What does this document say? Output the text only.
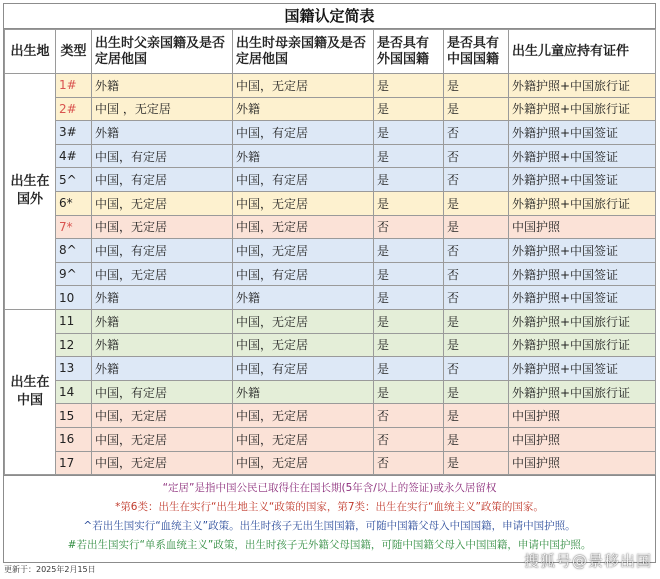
国籍认定简表
出生地	类型	出生时父亲国籍及是否定居他国	出生时母亲国籍及是否定居他国	是否具有外国国籍	是否具有中国国籍	出生儿童应持有证件
出生在国外	1#	外籍	中国，无定居	是	是	外籍护照+中国旅行证
	2#	中国 ，无定居	外籍	是	是	外籍护照+中国旅行证
	3#	外籍	中国，有定居	是	否	外籍护照+中国签证
	4#	中国，有定居	外籍	是	否	外籍护照+中国签证
	5^	中国，有定居	中国，有定居	是	否	外籍护照+中国签证
	6*	中国，无定居	中国，无定居	是	是	外籍护照+中国旅行证
	7*	中国，无定居	中国，无定居	否	是	中国护照
	8^	中国，有定居	中国，无定居	是	否	外籍护照+中国签证
	9^	中国，无定居	中国，有定居	是	否	外籍护照+中国签证
	10	外籍	外籍	是	否	外籍护照+中国签证
出生在中国	11	外籍	中国，无定居	是	是	外籍护照+中国旅行证
	12	外籍	中国，无定居	是	是	外籍护照+中国旅行证
	13	外籍	中国，有定居	是	否	外籍护照+中国签证
	14	中国，有定居	外籍	是	是	外籍护照+中国旅行证
	15	中国，无定居	中国，无定居	否	是	中国护照
	16	中国，无定居	中国，无定居	否	是	中国护照
	17	中国，无定居	中国，无定居	否	是	中国护照
“定居”是指中国公民已取得住在国长期(5年含/以上的签证)或永久居留权
*第6类：出生在实行“出生地主义“政策的国家，第7类：出生在实行“血统主义”政策的国家。
^若出生国实行“血统主义”政策。出生时孩子无出生国国籍，可随中国籍父母入中国国籍，申请中国护照。
#若出生国实行“单系血统主义”政策，出生时孩子无外籍父母国籍，可随中国籍父母入中国国籍，申请中国护照。
更新于：2025年2月15日	搜狐号@景移出国
